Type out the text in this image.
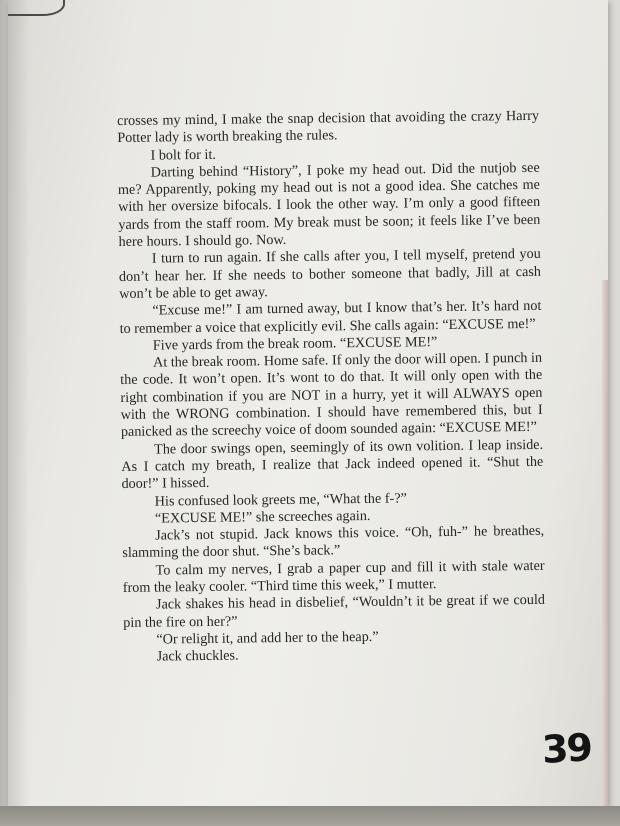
crosses my mind, I make the snap decision that avoiding the crazy Harry Potter lady is worth breaking the rules.

I bolt for it.

Darting behind “History”, I poke my head out. Did the nutjob see me? Apparently, poking my head out is not a good idea. She catches me with her oversize bifocals. I look the other way. I’m only a good fifteen yards from the staff room. My break must be soon; it feels like I’ve been here hours. I should go. Now.

I turn to run again. If she calls after you, I tell myself, pretend you don’t hear her. If she needs to bother someone that badly, Jill at cash won’t be able to get away.

“Excuse me!” I am turned away, but I know that’s her. It’s hard not to remember a voice that explicitly evil. She calls again: “EXCUSE me!”

Five yards from the break room. “EXCUSE ME!”

At the break room. Home safe. If only the door will open. I punch in the code. It won’t open. It’s wont to do that. It will only open with the right combination if you are NOT in a hurry, yet it will ALWAYS open with the WRONG combination. I should have remembered this, but I panicked as the screechy voice of doom sounded again: “EXCUSE ME!”

The door swings open, seemingly of its own volition. I leap inside. As I catch my breath, I realize that Jack indeed opened it. “Shut the door!” I hissed.

His confused look greets me, “What the f-?”

“EXCUSE ME!” she screeches again.

Jack’s not stupid. Jack knows this voice. “Oh, fuh-” he breathes, slamming the door shut. “She’s back.”

To calm my nerves, I grab a paper cup and fill it with stale water from the leaky cooler. “Third time this week,” I mutter.

Jack shakes his head in disbelief, “Wouldn’t it be great if we could pin the fire on her?”

“Or relight it, and add her to the heap.”

Jack chuckles.

39
